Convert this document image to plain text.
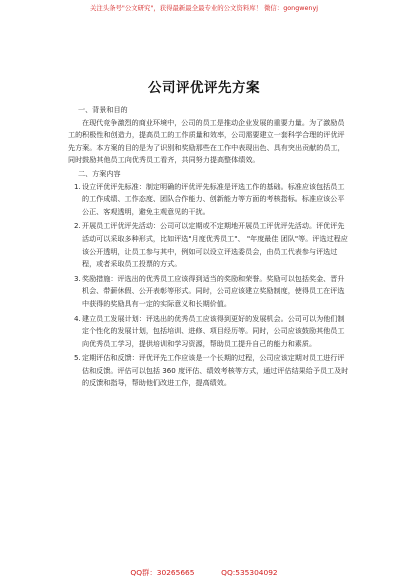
关注头条号"公文研究"，获得最新最全最专业的公文资料库！ 微信：gongwenyj
公司评优评先方案

一、背景和目的

在现代竞争激烈的商业环境中，公司的员工是推动企业发展的重要力量。为了激励员工的积极性和创造力，提高员工的工作质量和效率，公司需要建立一套科学合理的评优评先方案。本方案的目的是为了识别和奖励那些在工作中表现出色、具有突出贡献的员工，同时鼓励其他员工向优秀员工看齐，共同努力提高整体绩效。

二、方案内容

1. 设立评优评先标准：制定明确的评优评先标准是评选工作的基础。标准应该包括员工的工作成绩、工作态度、团队合作能力、创新能力等方面的考核指标。标准应该公平公正、客观透明，避免主观意见的干扰。

2. 开展员工评优评先活动：公司可以定期或不定期地开展员工评优评先活动。评优评先活动可以采取多种形式，比如评选"月度优秀员工"、 "年度最佳 团队"等。评选过程应该公开透明，让员工参与其中，例如可以设立评选委员会，由员工代表参与评选过程，或者采取员工投票的方式。

3. 奖励措施：评选出的优秀员工应该得到适当的奖励和荣誉。奖励可以包括奖金、晋升机会、带薪休假、公开表彰等形式。同时，公司应该建立奖励制度，使得员工在评选中获得的奖励具有一定的实际意义和长期价值。

4. 建立员工发展计划：评选出的优秀员工应该得到更好的发展机会。公司可以为他们制定个性化的发展计划，包括培训、进修、项目经历等。同时，公司应该鼓励其他员工向优秀员工学习，提供培训和学习资源，帮助员工提升自己的能力和素质。

5. 定期评估和反馈：评优评先工作应该是一个长期的过程，公司应该定期对员工进行评估和反馈。评估可以包括 360 度评估、绩效考核等方式，通过评估结果给予员工及时的反馈和指导，帮助他们改进工作，提高绩效。

QQ群：30265665	QQ:535304092
